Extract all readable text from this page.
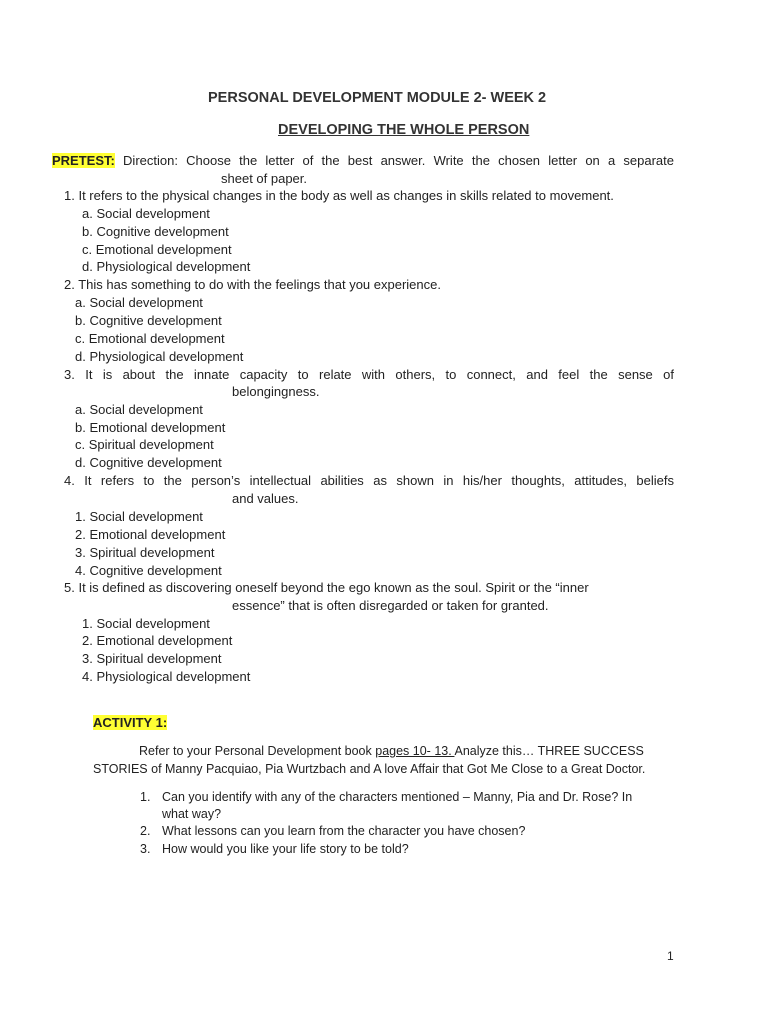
PERSONAL DEVELOPMENT MODULE 2- WEEK 2
DEVELOPING THE WHOLE PERSON
PRETEST: Direction: Choose the letter of the best answer. Write the chosen letter on a separate
sheet of paper.
1. It refers to the physical changes in the body as well as changes in skills related to movement.
a. Social development
b. Cognitive development
c. Emotional development
d. Physiological development
2. This has something to do with the feelings that you experience.
a. Social development
b. Cognitive development
c. Emotional development
d. Physiological development
3. It is about the innate capacity to relate with others, to connect, and feel the sense of
belongingness.
a. Social development
b. Emotional development
c. Spiritual development
d. Cognitive development
4. It refers to the person’s intellectual abilities as shown in his/her thoughts, attitudes, beliefs
and values.
1. Social development
2. Emotional development
3. Spiritual development
4. Cognitive development
5. It is defined as discovering oneself beyond the ego known as the soul. Spirit or the “inner
essence” that is often disregarded or taken for granted.
1. Social development
2. Emotional development
3. Spiritual development
4. Physiological development
ACTIVITY 1:
Refer to your Personal Development book pages 10- 13. Analyze this… THREE SUCCESS
STORIES of Manny Pacquiao, Pia Wurtzbach and A love Affair that Got Me Close to a Great Doctor.
1. Can you identify with any of the characters mentioned – Manny, Pia and Dr. Rose? In
what way?
2. What lessons can you learn from the character you have chosen?
3. How would you like your life story to be told?
1
